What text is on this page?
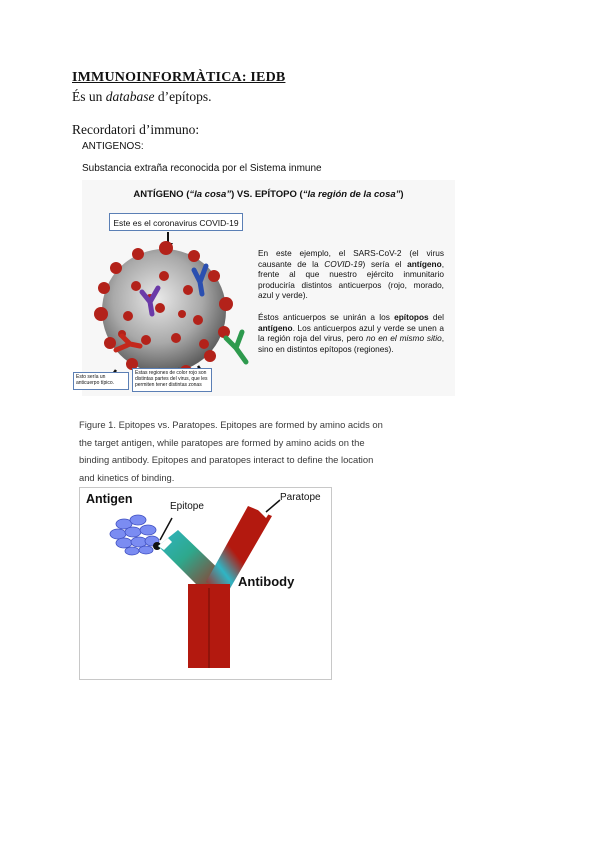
IMMUNOINFORMÀTICA: IEDB
És un database d’epítops.
Recordatori d’immuno:
ANTIGENOS:
Substancia extraña reconocida por el Sistema inmune
ANTÍGENO (“la cosa”) VS. EPÍTOPO (“la región de la cosa”)
Este es el coronavirus COVID-19
En este ejemplo, el SARS-CoV-2 (el virus causante de la COVID-19) sería el antígeno, frente al que nuestro ejército inmunitario produciría distintos anticuerpos (rojo, morado, azul y verde).
Éstos anticuerpos se unirán a los epítopos del antígeno. Los anticuerpos azul y verde se unen a la región roja del virus, pero no en el mismo sitio, sino en distintos epítopos (regiones).
Esto sería un anticuerpo típico.
Estas regiones de color rojo son distintas partes del virus, que les permiten tener distintas zonas
Figure 1. Epitopes vs. Paratopes. Epitopes are formed by amino acids on the target antigen, while paratopes are formed by amino acids on the binding antibody. Epitopes and paratopes interact to define the location and kinetics of binding.
Antigen
Epitope
Paratope
Antibody
